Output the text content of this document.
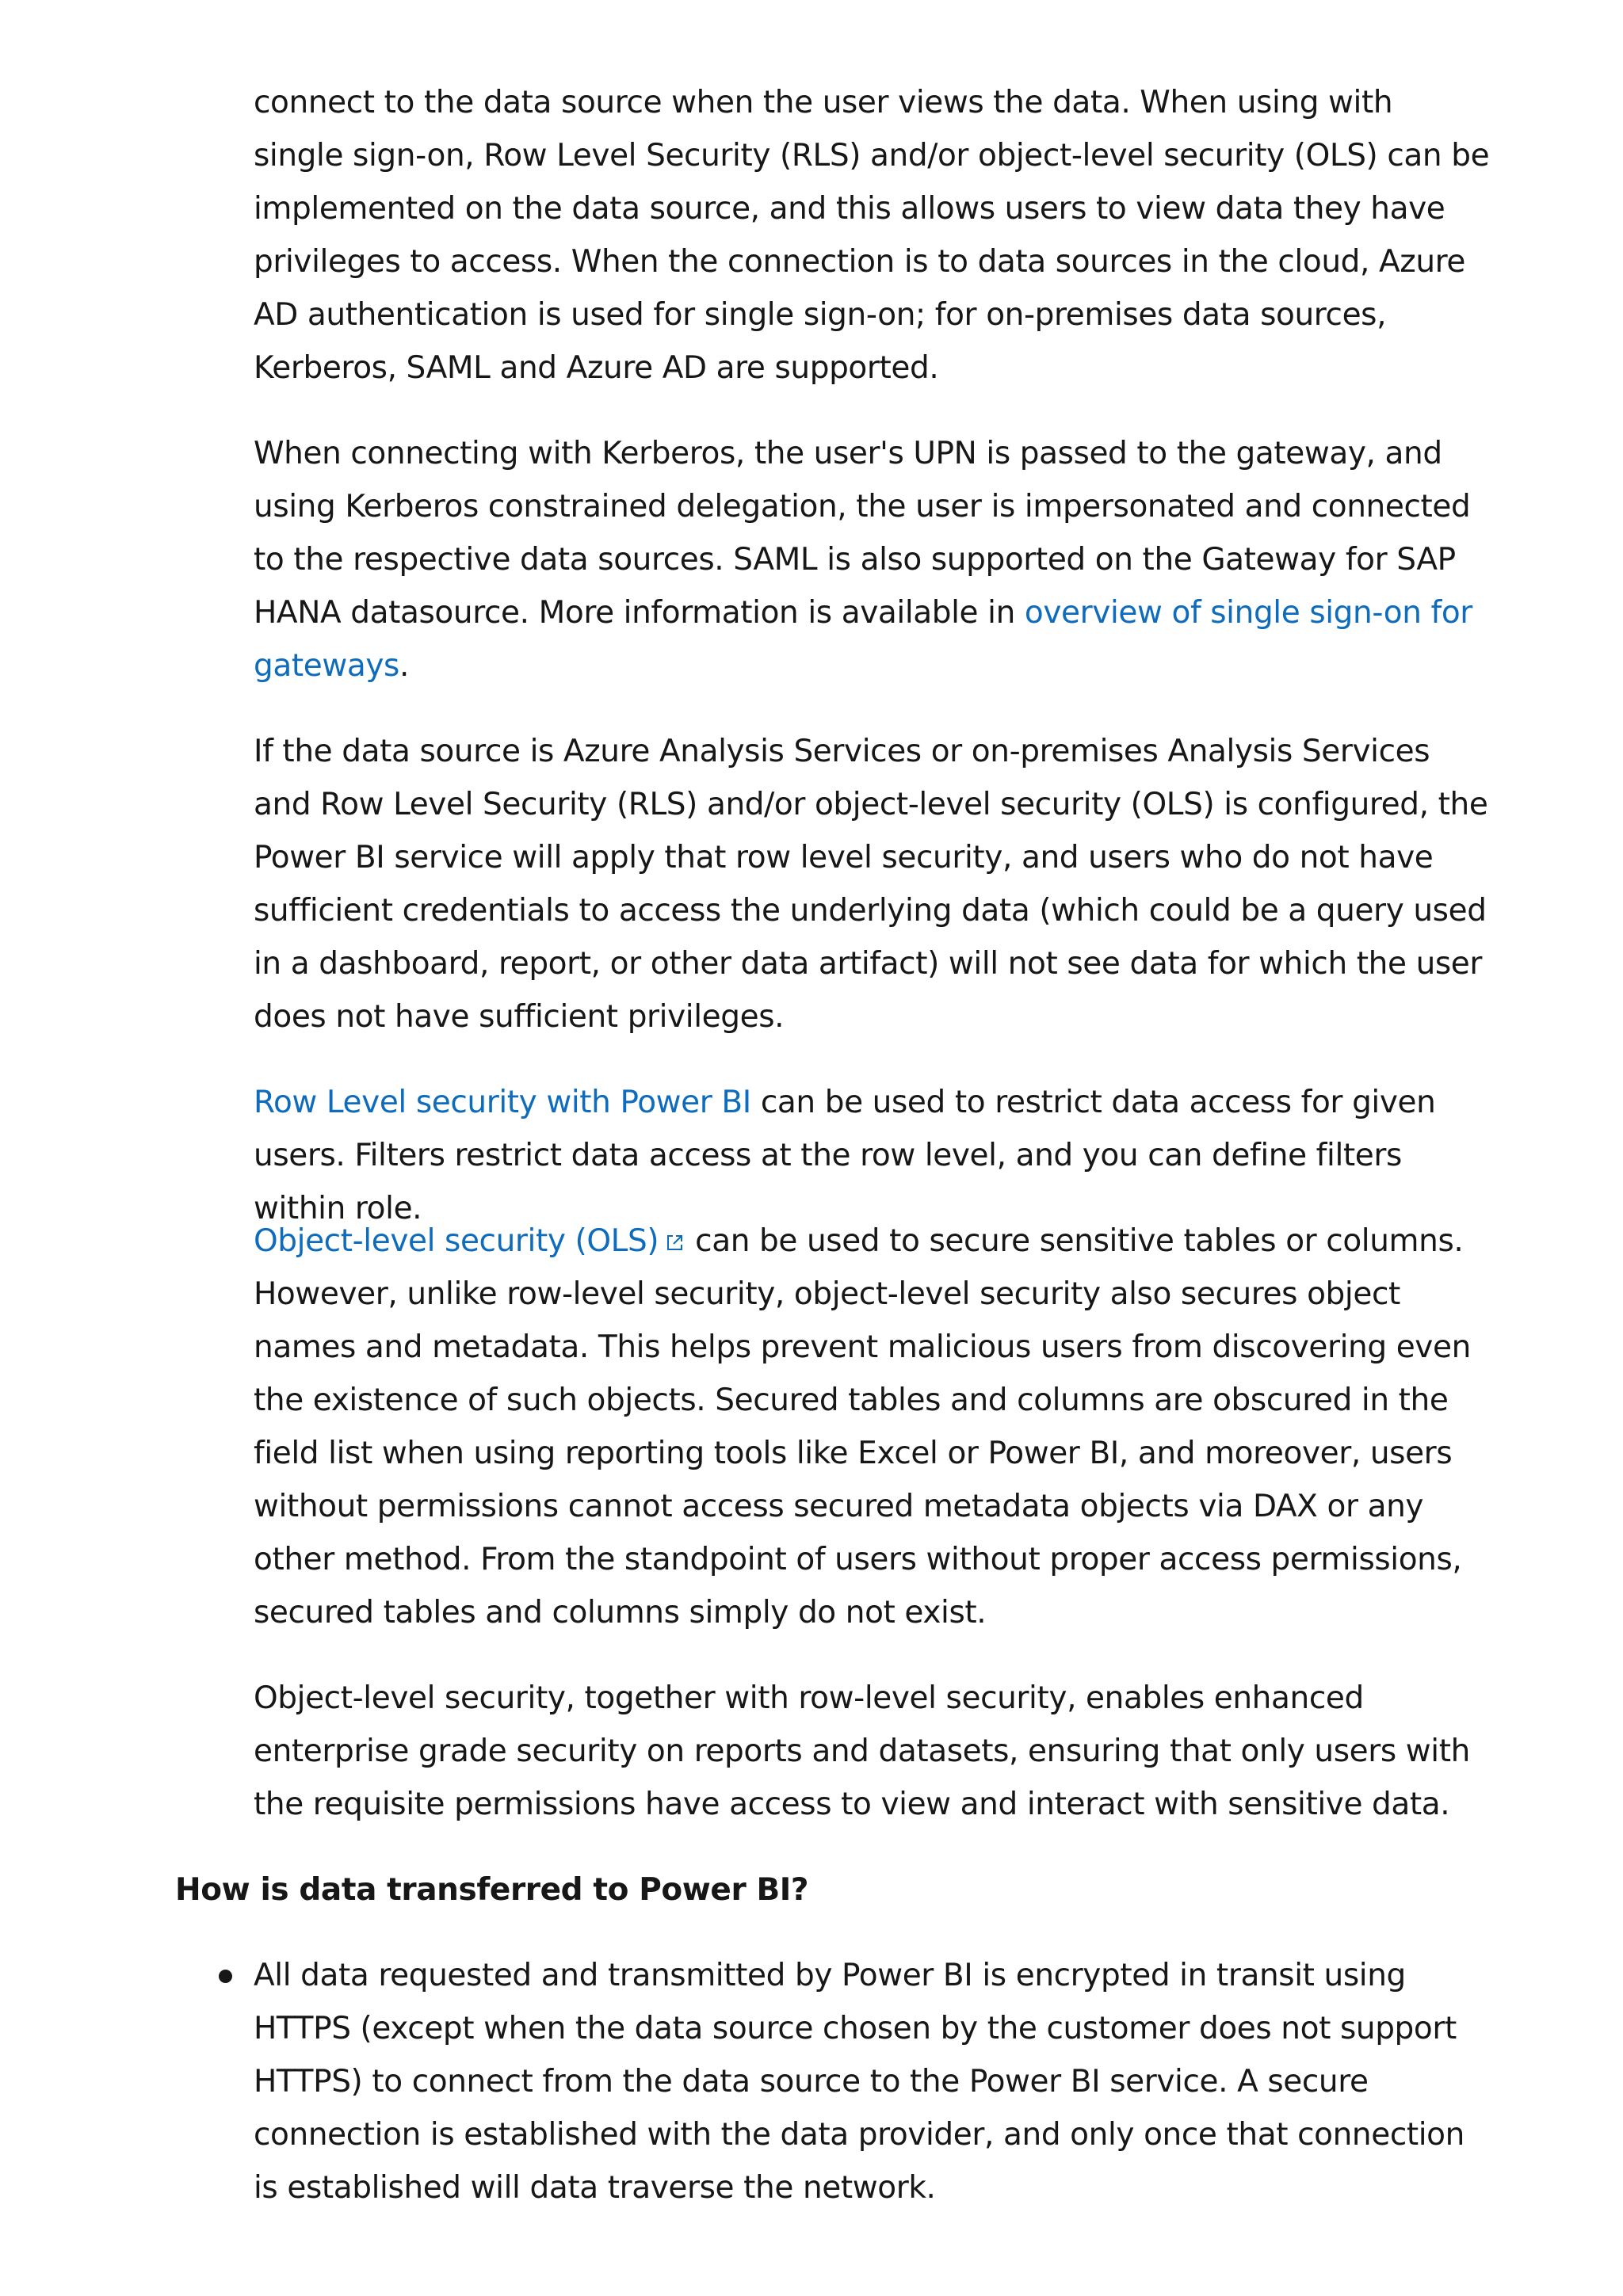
connect to the data source when the user views the data. When using with single sign-on, Row Level Security (RLS) and/or object-level security (OLS) can be implemented on the data source, and this allows users to view data they have privileges to access. When the connection is to data sources in the cloud, Azure AD authentication is used for single sign-on; for on-premises data sources, Kerberos, SAML and Azure AD are supported.

When connecting with Kerberos, the user's UPN is passed to the gateway, and using Kerberos constrained delegation, the user is impersonated and connected to the respective data sources. SAML is also supported on the Gateway for SAP HANA datasource. More information is available in overview of single sign-on for gateways.

If the data source is Azure Analysis Services or on-premises Analysis Services and Row Level Security (RLS) and/or object-level security (OLS) is configured, the Power BI service will apply that row level security, and users who do not have sufficient credentials to access the underlying data (which could be a query used in a dashboard, report, or other data artifact) will not see data for which the user does not have sufficient privileges.

Row Level security with Power BI can be used to restrict data access for given users. Filters restrict data access at the row level, and you can define filters within role.

Object-level security (OLS) can be used to secure sensitive tables or columns. However, unlike row-level security, object-level security also secures object names and metadata. This helps prevent malicious users from discovering even the existence of such objects. Secured tables and columns are obscured in the field list when using reporting tools like Excel or Power BI, and moreover, users without permissions cannot access secured metadata objects via DAX or any other method. From the standpoint of users without proper access permissions, secured tables and columns simply do not exist.

Object-level security, together with row-level security, enables enhanced enterprise grade security on reports and datasets, ensuring that only users with the requisite permissions have access to view and interact with sensitive data.

How is data transferred to Power BI?
All data requested and transmitted by Power BI is encrypted in transit using HTTPS (except when the data source chosen by the customer does not support HTTPS) to connect from the data source to the Power BI service. A secure connection is established with the data provider, and only once that connection is established will data traverse the network.
